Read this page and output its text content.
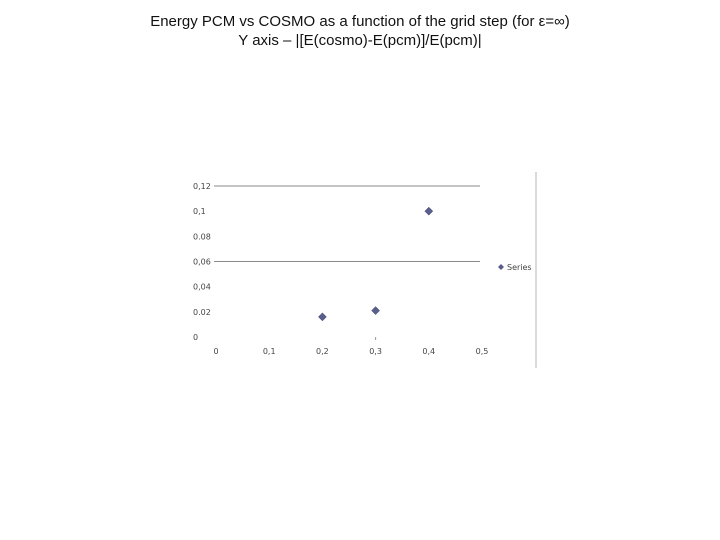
Energy PCM vs COSMO as a function of the grid step (for ε=∞)
Y axis – |[E(cosmo)-E(pcm)]/E(pcm)|
0
0.02
0,04
0,06
0.08
0,1
0,12
0	0,1	0,2	0,3	0,4	0,5
Series
